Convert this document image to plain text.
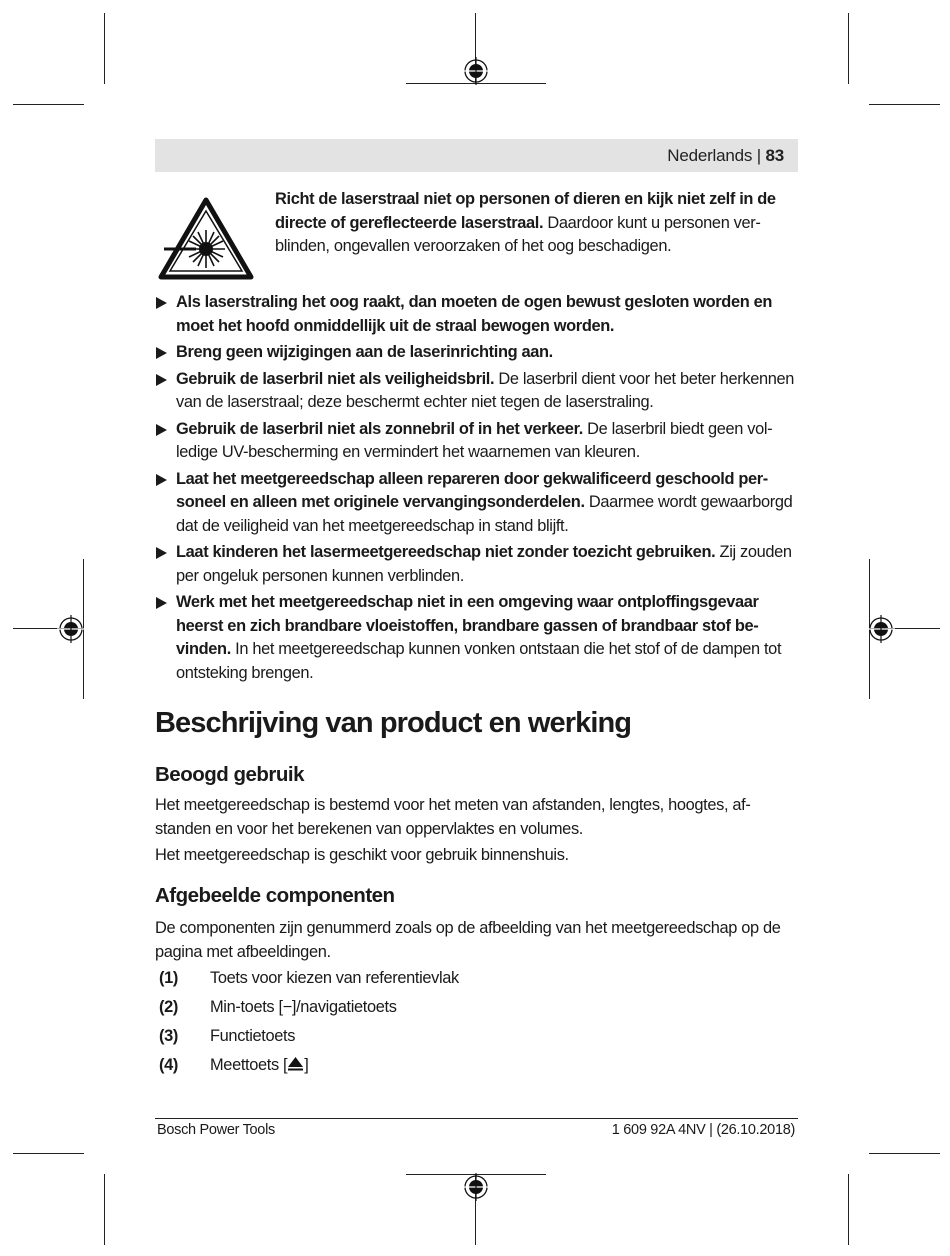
Nederlands | 83
Richt de laserstraal niet op personen of dieren en kijk niet zelf in de directe of gereflecteerde laserstraal. Daardoor kunt u personen verblinden, ongevallen veroorzaken of het oog beschadigen.
Als laserstraling het oog raakt, dan moeten de ogen bewust gesloten worden en moet het hoofd onmiddellijk uit de straal bewogen worden.
Breng geen wijzigingen aan de laserinrichting aan.
Gebruik de laserbril niet als veiligheidsbril. De laserbril dient voor het beter herkennen van de laserstraal; deze beschermt echter niet tegen de laserstraling.
Gebruik de laserbril niet als zonnebril of in het verkeer. De laserbril biedt geen volledige UV-bescherming en vermindert het waarnemen van kleuren.
Laat het meetgereedschap alleen repareren door gekwalificeerd geschoold personeel en alleen met originele vervangingsonderdelen. Daarmee wordt gewaarborgd dat de veiligheid van het meetgereedschap in stand blijft.
Laat kinderen het lasermeetgereedschap niet zonder toezicht gebruiken. Zij zouden per ongeluk personen kunnen verblinden.
Werk met het meetgereedschap niet in een omgeving waar ontploffingsgevaar heerst en zich brandbare vloeistoffen, brandbare gassen of brandbaar stof bevinden. In het meetgereedschap kunnen vonken ontstaan die het stof of de dampen tot ontsteking brengen.
Beschrijving van product en werking
Beoogd gebruik

Het meetgereedschap is bestemd voor het meten van afstanden, lengtes, hoogtes, afstanden en voor het berekenen van oppervlaktes en volumes.

Het meetgereedschap is geschikt voor gebruik binnenshuis.

Afgebeelde componenten

De componenten zijn genummerd zoals op de afbeelding van het meetgereedschap op de pagina met afbeeldingen.

(1) Toets voor kiezen van referentievlak
(2) Min-toets [−]/navigatietoets
(3) Functietoets
(4) Meettoets [ ]
Bosch Power Tools	1 609 92A 4NV | (26.10.2018)
